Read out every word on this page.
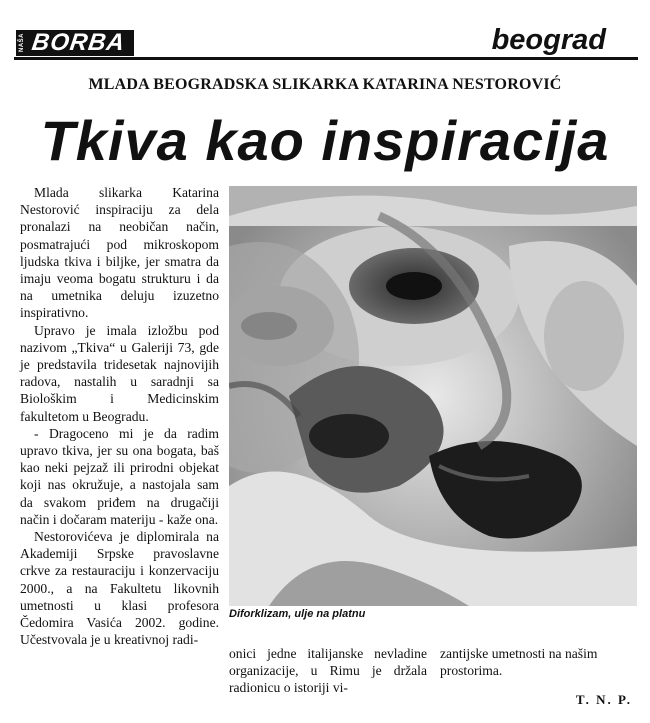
NAŠA BORBA	beograd
MLADA BEOGRADSKA SLIKARKA KATARINA NESTOROVIĆ
Tkiva kao inspiracija

Mlada slikarka Katarina Nestorović inspiraciju za dela pronalazi na neobičan način, posmatrajući pod mikroskopom ljudska tkiva i biljke, jer smatra da imaju veoma bogatu strukturu i da na umetnika deluju izuzetno inspirativno.

Upravo je imala izložbu pod nazivom „Tkiva“ u Galeriji 73, gde je predstavila tridesetak najnovijih radova, nastalih u saradnji sa Biološkim i Medicinskim fakultetom u Beogradu.

- Dragoceno mi je da radim upravo tkiva, jer su ona bogata, baš kao neki pejzaž ili prirodni objekat koji nas okružuje, a nastojala sam da svakom priđem na drugačiji način i dočaram materiju - kaže ona.

Nestorovićeva je diplomirala na Akademiji Srpske pravoslavne crkve za restauraciju i konzervaciju 2000., a na Fakultetu likovnih umetnosti u klasi profesora Čedomira Vasića 2002. godine. Učestvovala je u kreativnoj radi-

Diforklizam, ulje na platnu

onici jedne italijanske nevladine organizacije, u Rimu je držala radionicu o istoriji vi-

zantijske umetnosti na našim prostorima.

T. N. P.
